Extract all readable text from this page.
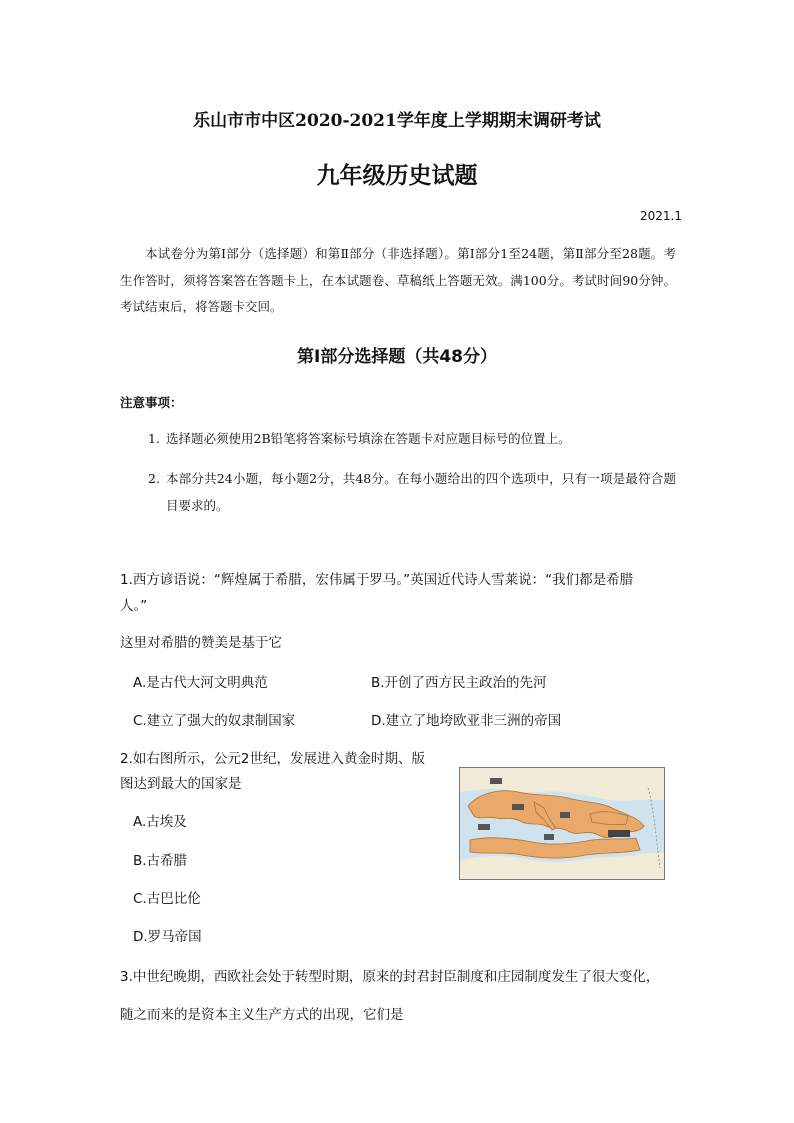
乐山市市中区2020-2021学年度上学期期末调研考试
九年级历史试题
2021.1

本试卷分为第Ⅰ部分（选择题）和第Ⅱ部分（非选择题）。第Ⅰ部分1至24题，第Ⅱ部分至28题。考生作答时，须将答案答在答题卡上，在本试题卷、草稿纸上答题无效。满100分。考试时间90分钟。考试结束后，将答题卡交回。

第Ⅰ部分选择题（共48分）
注意事项：
1. 选择题必须使用2B铅笔将答案标号填涂在答题卡对应题目标号的位置上。
2. 本部分共24小题，每小题2分，共48分。在每小题给出的四个选项中，只有一项是最符合题目要求的。
1.西方谚语说：“辉煌属于希腊，宏伟属于罗马。”英国近代诗人雪莱说：“我们都是希腊
人。”
这里对希腊的赞美是基于它
A.是古代大河文明典范	B.开创了西方民主政治的先河
C.建立了强大的奴隶制国家	D.建立了地垮欧亚非三洲的帝国
2.如右图所示，公元2世纪，发展进入黄金时期、版
图达到最大的国家是
A.古埃及
B.古希腊
C.古巴比伦
D.罗马帝国
3.中世纪晚期，西欧社会处于转型时期，原来的封君封臣制度和庄园制度发生了很大变化，
随之而来的是资本主义生产方式的出现，它们是
